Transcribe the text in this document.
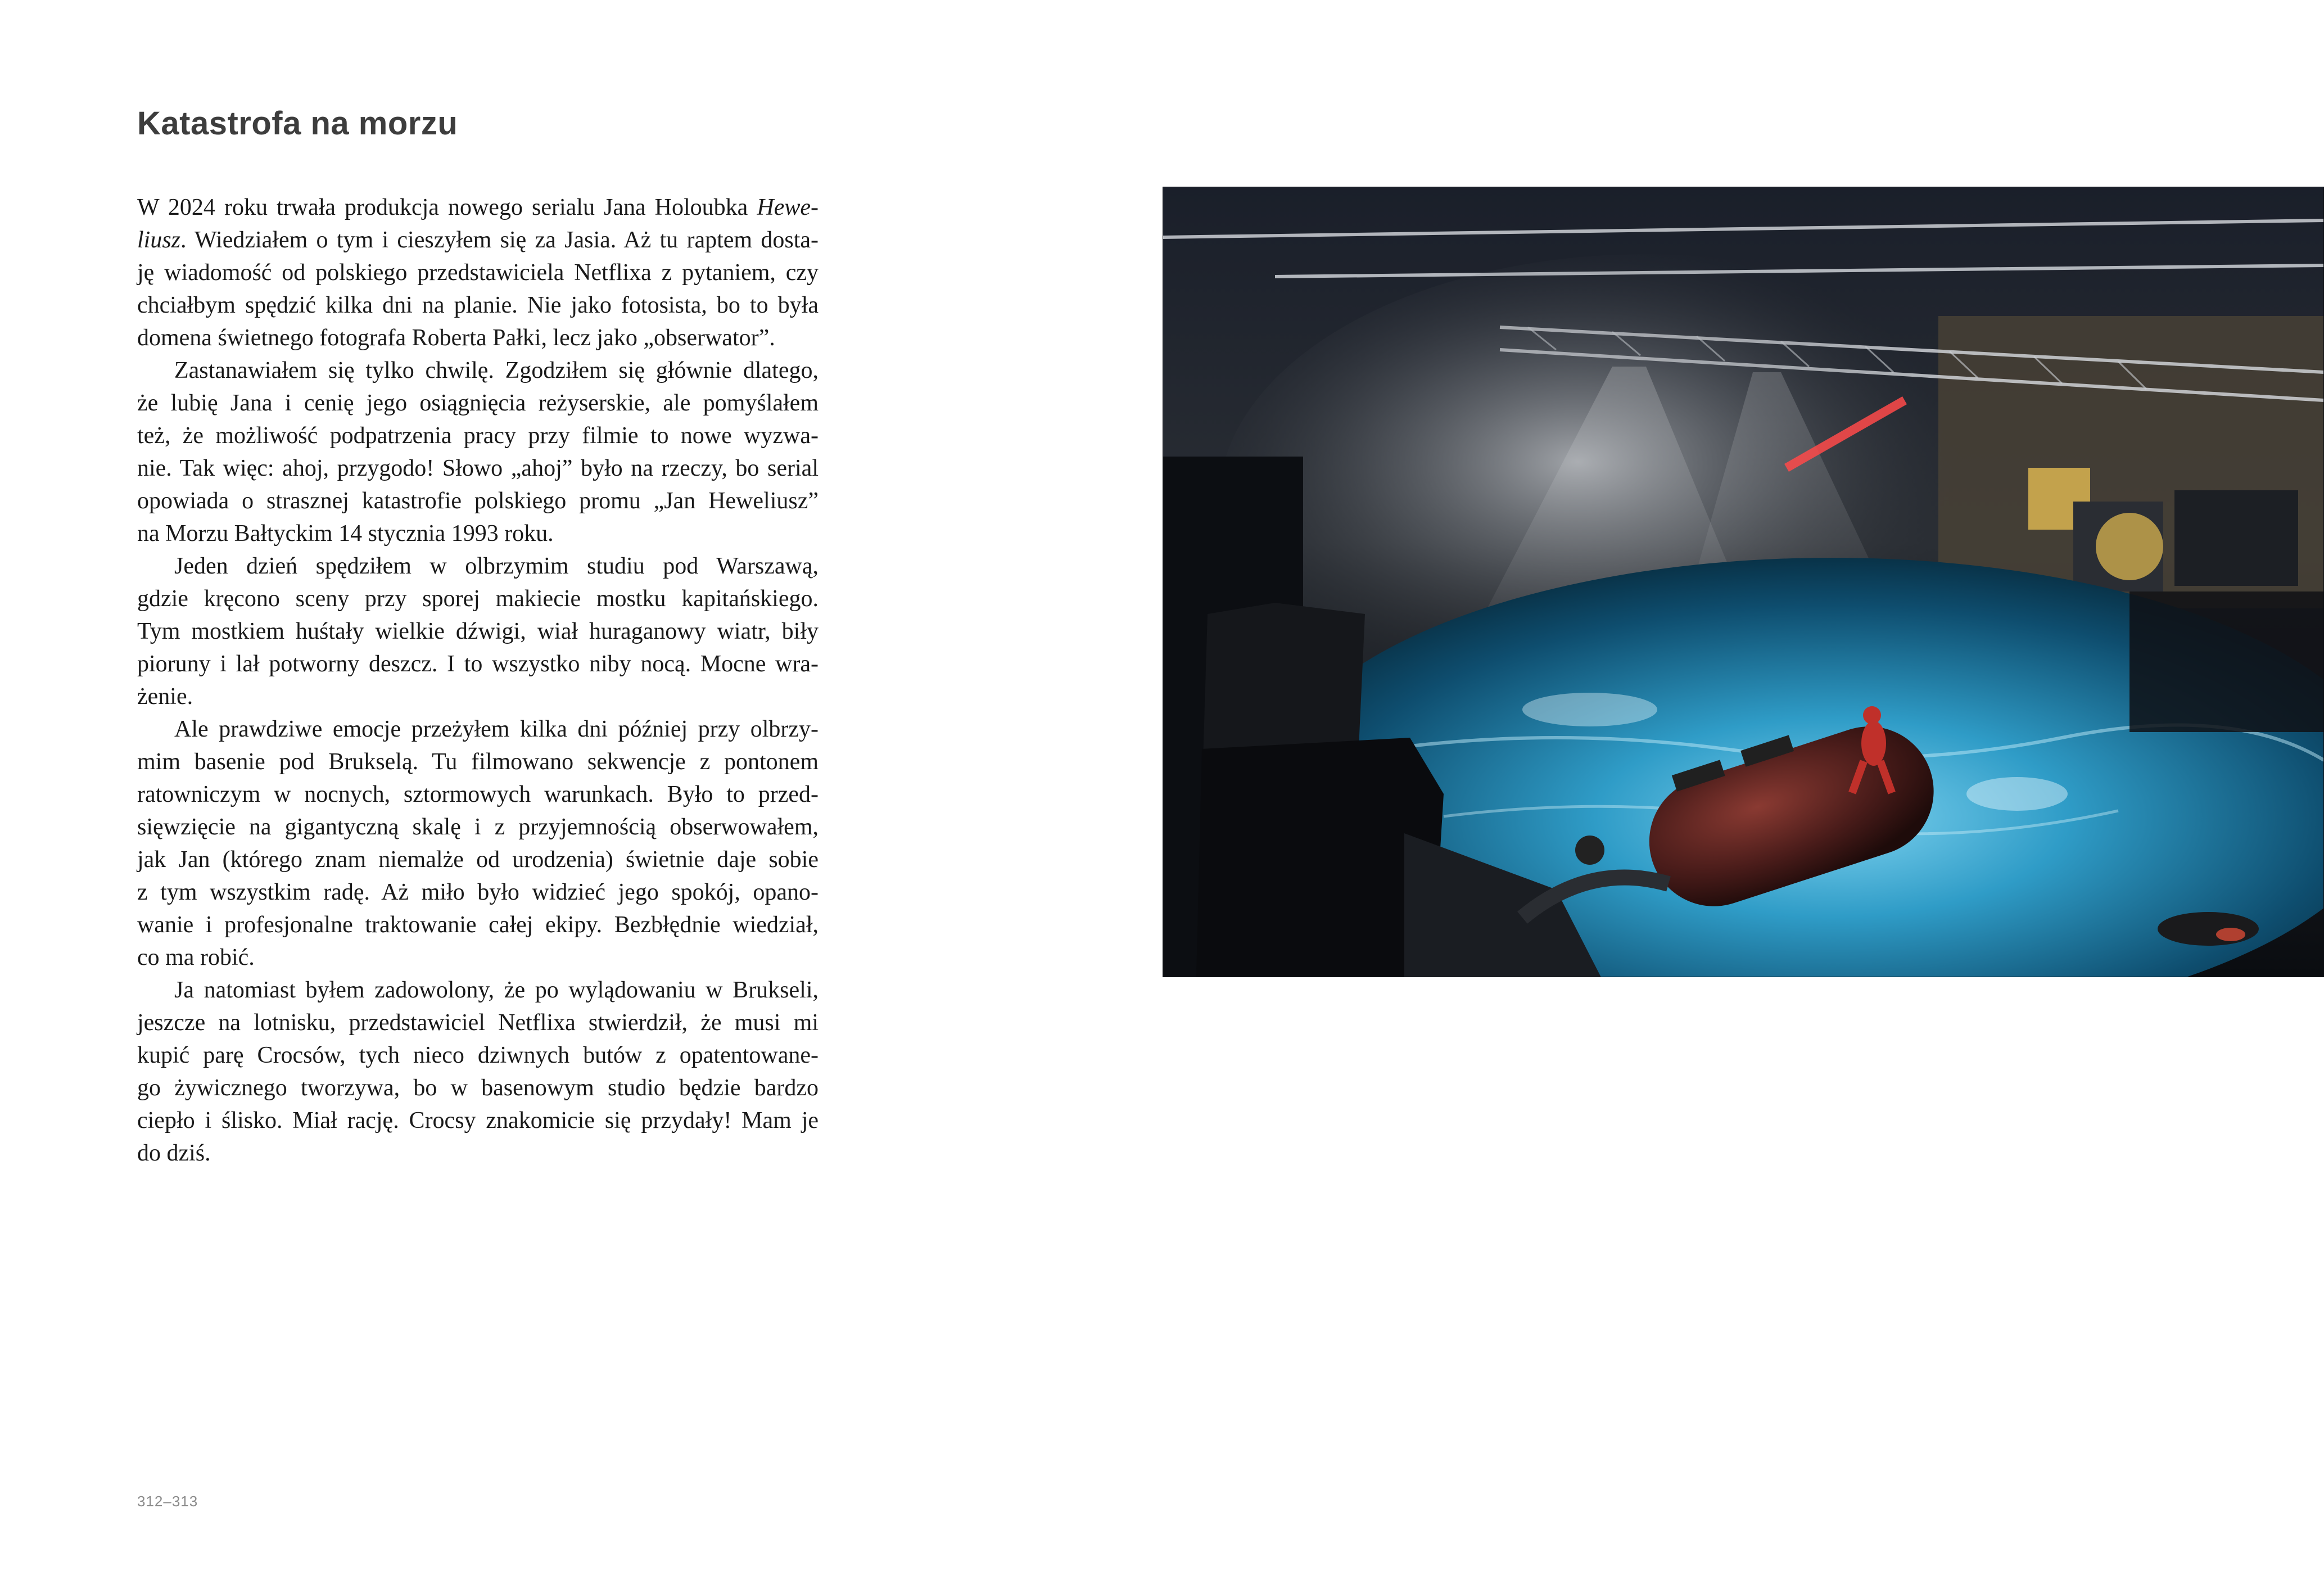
Katastrofa na morzu
W 2024 roku trwała produkcja nowego serialu Jana Holoubka Hewe-
liusz. Wiedziałem o tym i cieszyłem się za Jasia. Aż tu raptem dosta-
ję wiadomość od polskiego przedstawiciela Netflixa z pytaniem, czy
chciałbym spędzić kilka dni na planie. Nie jako fotosista, bo to była
domena świetnego fotografa Roberta Pałki, lecz jako „obserwator”.
Zastanawiałem się tylko chwilę. Zgodziłem się głównie dlatego,
że lubię Jana i cenię jego osiągnięcia reżyserskie, ale pomyślałem
też, że możliwość podpatrzenia pracy przy filmie to nowe wyzwa-
nie. Tak więc: ahoj, przygodo! Słowo „ahoj” było na rzeczy, bo serial
opowiada o strasznej katastrofie polskiego promu „Jan Heweliusz”
na Morzu Bałtyckim 14 stycznia 1993 roku.
Jeden dzień spędziłem w olbrzymim studiu pod Warszawą,
gdzie kręcono sceny przy sporej makiecie mostku kapitańskiego.
Tym mostkiem huśtały wielkie dźwigi, wiał huraganowy wiatr, biły
pioruny i lał potworny deszcz. I to wszystko niby nocą. Mocne wra-
żenie.
Ale prawdziwe emocje przeżyłem kilka dni później przy olbrzy-
mim basenie pod Brukselą. Tu filmowano sekwencje z pontonem
ratowniczym w nocnych, sztormowych warunkach. Było to przed-
sięwzięcie na gigantyczną skalę i z przyjemnością obserwowałem,
jak Jan (którego znam niemalże od urodzenia) świetnie daje sobie
z tym wszystkim radę. Aż miło było widzieć jego spokój, opano-
wanie i profesjonalne traktowanie całej ekipy. Bezbłędnie wiedział,
co ma robić.
Ja natomiast byłem zadowolony, że po wylądowaniu w Brukseli,
jeszcze na lotnisku, przedstawiciel Netflixa stwierdził, że musi mi
kupić parę Crocsów, tych nieco dziwnych butów z opatentowane-
go żywicznego tworzywa, bo w basenowym studio będzie bardzo
ciepło i ślisko. Miał rację. Crocsy znakomicie się przydały! Mam je
do dziś.
312–313
